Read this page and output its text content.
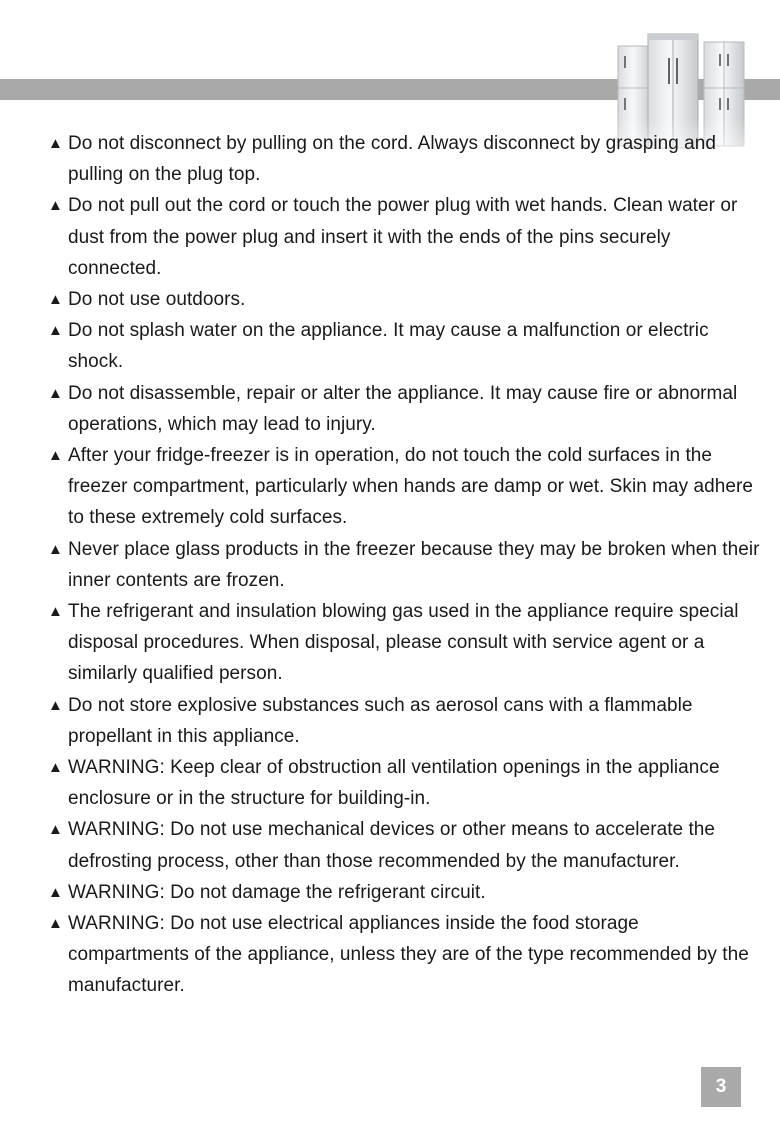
▲ Do not disconnect by pulling on the cord. Always disconnect by grasping and pulling on the plug top.
▲ Do not pull out the cord or touch the power plug with wet hands. Clean water or dust from the power plug and insert it with the ends of the pins securely connected.
▲ Do not use outdoors.
▲ Do not splash water on the appliance. It may cause a malfunction or electric shock.
▲ Do not disassemble, repair or alter the appliance. It may cause fire or abnormal operations, which may lead to injury.
▲ After your fridge-freezer is in operation, do not touch the cold surfaces in the freezer compartment, particularly when hands are damp or wet. Skin may adhere to these extremely cold surfaces.
▲ Never place glass products in the freezer because they may be broken when their inner contents are frozen.
▲ The refrigerant and insulation blowing gas used in the appliance require special disposal procedures. When disposal, please consult with service agent or a similarly qualified person.
▲ Do not store explosive substances such as aerosol cans with a flammable propellant in this appliance.
▲ WARNING: Keep clear of obstruction all ventilation openings in the appliance enclosure or in the structure for building-in.
▲ WARNING: Do not use mechanical devices or other means to accelerate the defrosting process, other than those recommended by the manufacturer.
▲ WARNING: Do not damage the refrigerant circuit.
▲ WARNING: Do not use electrical appliances inside the food storage compartments of the appliance, unless they are of the type recommended by the manufacturer.
3
